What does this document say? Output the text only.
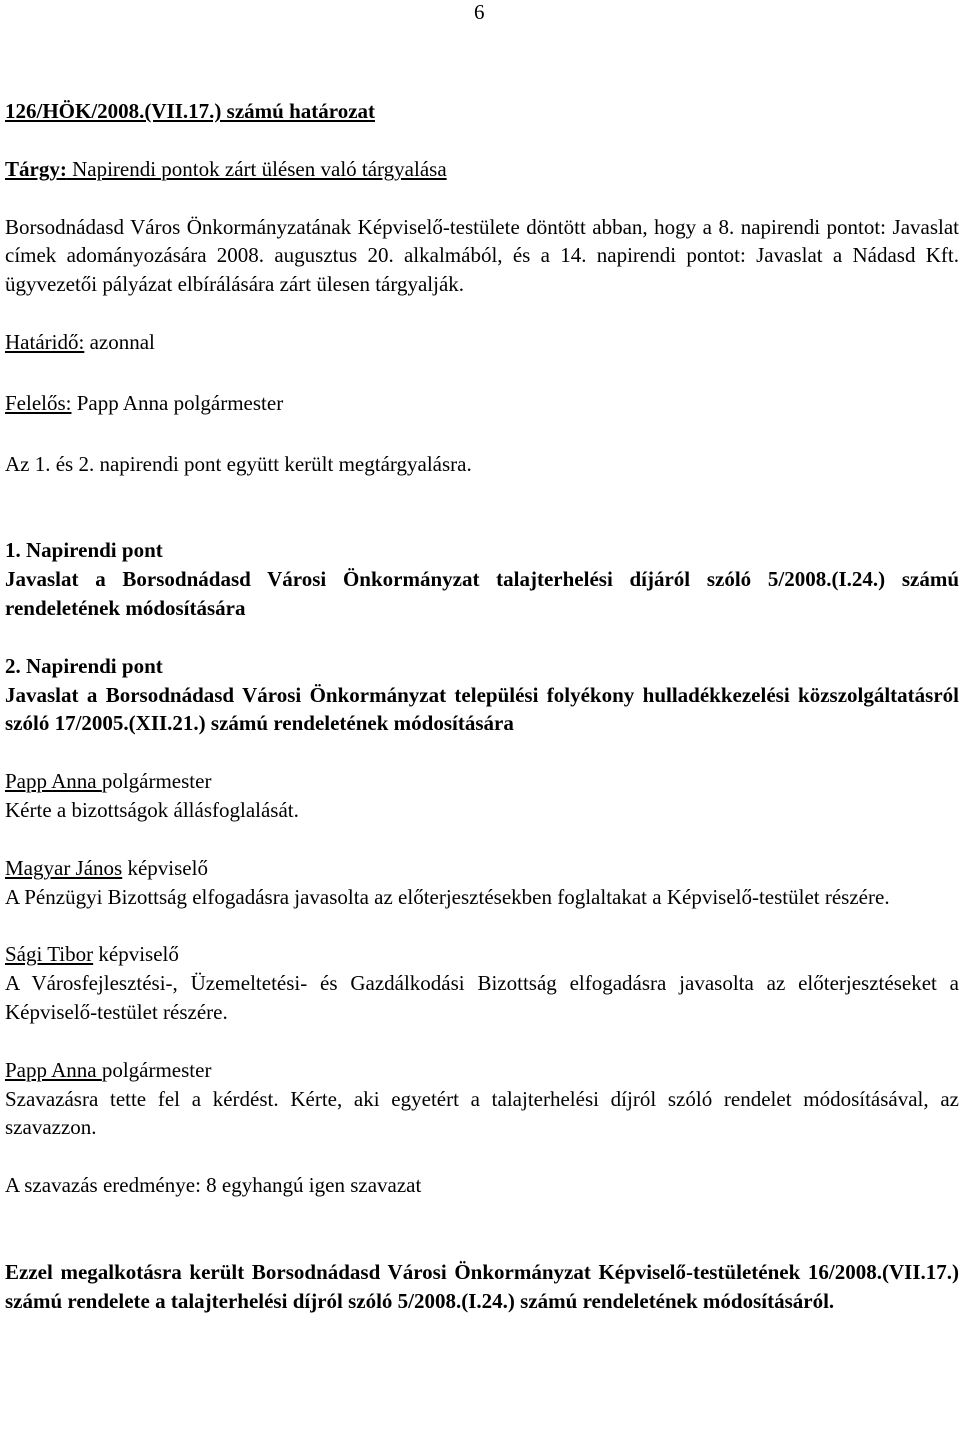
6

126/HÖK/2008.(VII.17.) számú határozat

Tárgy: Napirendi pontok zárt ülésen való tárgyalása

Borsodnádasd Város Önkormányzatának Képviselő-testülete döntött abban, hogy a 8. napirendi pontot: Javaslat címek adományozására 2008. augusztus 20. alkalmából, és a 14. napirendi pontot: Javaslat a Nádasd Kft. ügyvezetői pályázat elbírálására zárt ülesen tárgyalják.

Határidő: azonnal

Felelős: Papp Anna polgármester

Az 1. és 2. napirendi pont együtt került megtárgyalásra.

1. Napirendi pont

Javaslat a Borsodnádasd Városi Önkormányzat talajterhelési díjáról szóló 5/2008.(I.24.) számú rendeletének módosítására

2. Napirendi pont

Javaslat a Borsodnádasd Városi Önkormányzat települési folyékony hulladékkezelési közszolgáltatásról szóló 17/2005.(XII.21.) számú rendeletének módosítására

Papp Anna polgármester

Kérte a bizottságok állásfoglalását.

Magyar János képviselő

A Pénzügyi Bizottság elfogadásra javasolta az előterjesztésekben foglaltakat a Képviselő-testület részére.

Sági Tibor képviselő

A Városfejlesztési-, Üzemeltetési- és Gazdálkodási Bizottság elfogadásra javasolta az előterjesztéseket a Képviselő-testület részére.

Papp Anna polgármester

Szavazásra tette fel a kérdést. Kérte, aki egyetért a talajterhelési díjról szóló rendelet módosításával, az szavazzon.

A szavazás eredménye: 8 egyhangú igen szavazat

Ezzel megalkotásra került Borsodnádasd Városi Önkormányzat Képviselő-testületének 16/2008.(VII.17.) számú rendelete a talajterhelési díjról szóló 5/2008.(I.24.) számú rendeletének módosításáról.
